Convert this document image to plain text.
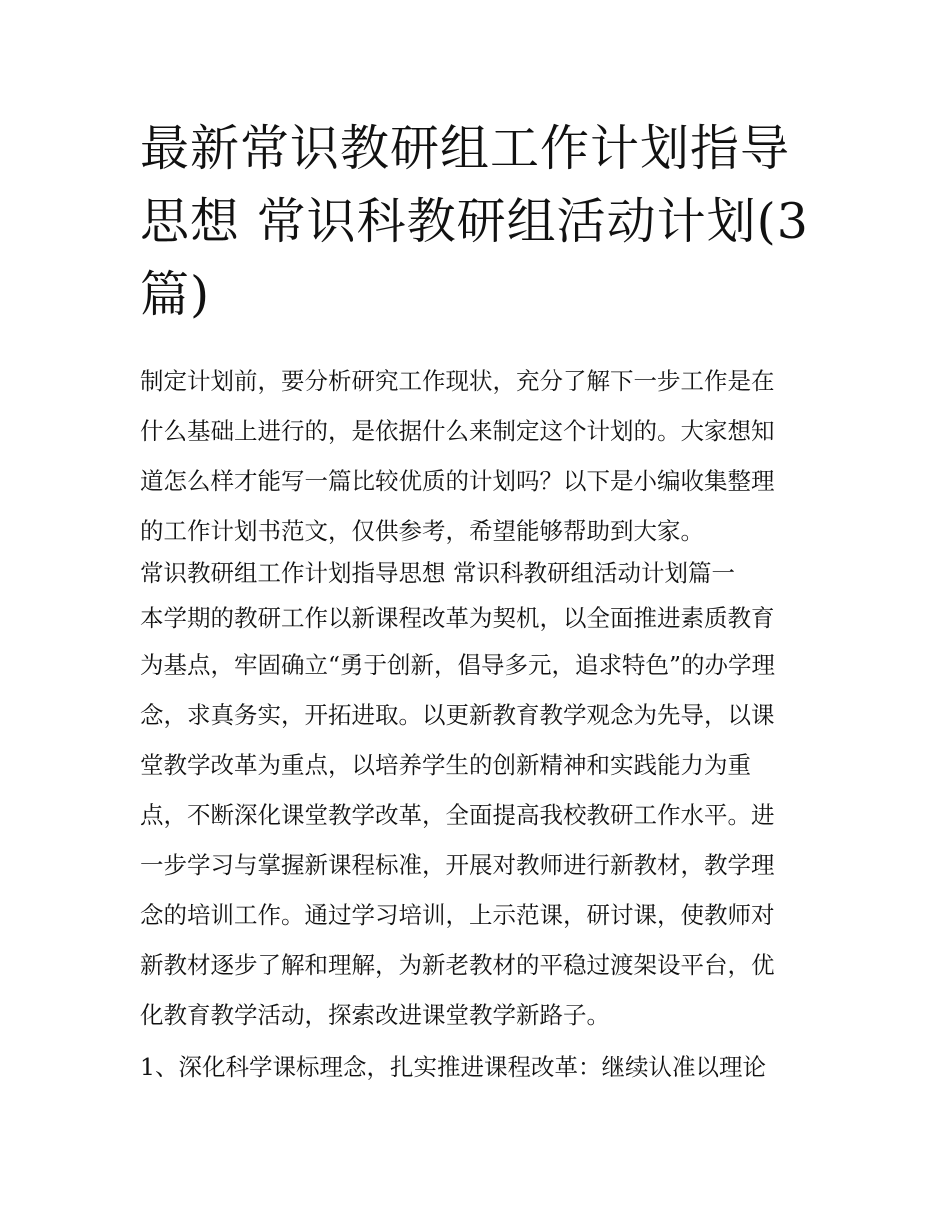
最新常识教研组工作计划指导
思想 常识科教研组活动计划(3
篇)

制定计划前，要分析研究工作现状，充分了解下一步工作是在
什么基础上进行的，是依据什么来制定这个计划的。大家想知
道怎么样才能写一篇比较优质的计划吗？以下是小编收集整理
的工作计划书范文，仅供参考，希望能够帮助到大家。

常识教研组工作计划指导思想 常识科教研组活动计划篇一

本学期的教研工作以新课程改革为契机，以全面推进素质教育
为基点，牢固确立“勇于创新，倡导多元，追求特色”的办学理
念，求真务实，开拓进取。以更新教育教学观念为先导，以课
堂教学改革为重点，以培养学生的创新精神和实践能力为重
点，不断深化课堂教学改革，全面提高我校教研工作水平。进
一步学习与掌握新课程标准，开展对教师进行新教材，教学理
念的培训工作。通过学习培训，上示范课，研讨课，使教师对
新教材逐步了解和理解，为新老教材的平稳过渡架设平台，优
化教育教学活动，探索改进课堂教学新路子。

1、深化科学课标理念，扎实推进课程改革：继续认准以理论
